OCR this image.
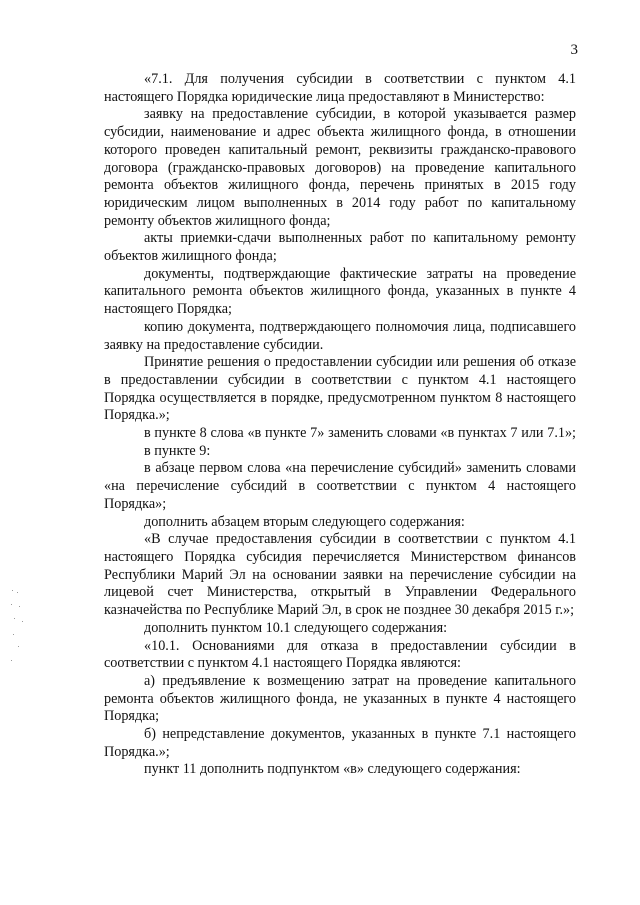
3

«7.1. Для получения субсидии в соответствии с пунктом 4.1 настоящего Порядка юридические лица предоставляют в Министерство:

заявку на предоставление субсидии, в которой указывается размер субсидии, наименование и адрес объекта жилищного фонда, в отношении которого проведен капитальный ремонт, реквизиты гражданско-правового договора (гражданско-правовых договоров) на проведение капитального ремонта объектов жилищного фонда, перечень принятых в 2015 году юридическим лицом выполненных в 2014 году работ по капитальному ремонту объектов жилищного фонда;

акты приемки-сдачи выполненных работ по капитальному ремонту объектов жилищного фонда;

документы, подтверждающие фактические затраты на проведение капитального ремонта объектов жилищного фонда, указанных в пункте 4 настоящего Порядка;

копию документа, подтверждающего полномочия лица, подписавшего заявку на предоставление субсидии.

Принятие решения о предоставлении субсидии или решения об отказе в предоставлении субсидии в соответствии с пунктом 4.1 настоящего Порядка осуществляется в порядке, предусмотренном пунктом 8 настоящего Порядка.»;

в пункте 8 слова «в пункте 7» заменить словами «в пунктах 7 или 7.1»;

в пункте 9:

в абзаце первом слова «на перечисление субсидий» заменить словами «на перечисление субсидий в соответствии с пунктом 4 настоящего Порядка»;

дополнить абзацем вторым следующего содержания:

«В случае предоставления субсидии в соответствии с пунктом 4.1 настоящего Порядка субсидия перечисляется Министерством финансов Республики Марий Эл на основании заявки на перечисление субсидии на лицевой счет Министерства, открытый в Управлении Федерального казначейства по Республике Марий Эл, в срок не позднее 30 декабря 2015 г.»;

дополнить пунктом 10.1 следующего содержания:

«10.1. Основаниями для отказа в предоставлении субсидии в соответствии с пунктом 4.1 настоящего Порядка являются:

а) предъявление к возмещению затрат на проведение капитального ремонта объектов жилищного фонда, не указанных в пункте 4 настоящего Порядка;

б) непредставление документов, указанных в пункте 7.1 настоящего Порядка.»;

пункт 11 дополнить подпунктом «в» следующего содержания:
